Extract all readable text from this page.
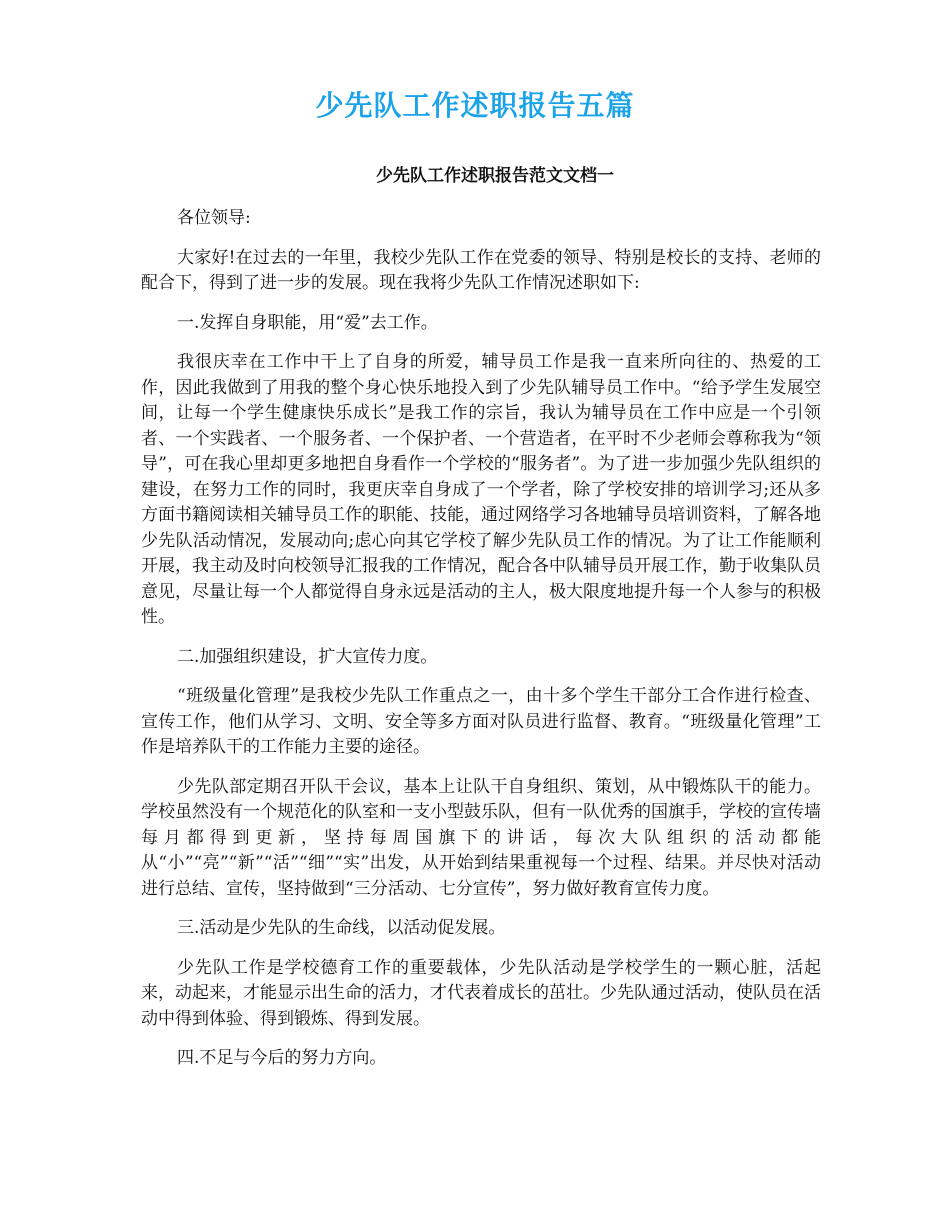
少先队工作述职报告五篇
少先队工作述职报告范文文档一

各位领导:

大家好!在过去的一年里，我校少先队工作在党委的领导、特别是校长的支持、老师的配合下，得到了进一步的发展。现在我将少先队工作情况述职如下:

一.发挥自身职能，用“爱”去工作。

我很庆幸在工作中干上了自身的所爱，辅导员工作是我一直来所向往的、热爱的工作，因此我做到了用我的整个身心快乐地投入到了少先队辅导员工作中。“给予学生发展空间，让每一个学生健康快乐成长”是我工作的宗旨，我认为辅导员在工作中应是一个引领者、一个实践者、一个服务者、一个保护者、一个营造者，在平时不少老师会尊称我为“领导”，可在我心里却更多地把自身看作一个学校的“服务者”。为了进一步加强少先队组织的建设，在努力工作的同时，我更庆幸自身成了一个学者，除了学校安排的培训学习;还从多方面书籍阅读相关辅导员工作的职能、技能，通过网络学习各地辅导员培训资料，了解各地少先队活动情况，发展动向;虑心向其它学校了解少先队员工作的情况。为了让工作能顺利开展，我主动及时向校领导汇报我的工作情况，配合各中队辅导员开展工作，勤于收集队员意见，尽量让每一个人都觉得自身永远是活动的主人，极大限度地提升每一个人参与的积极性。

二.加强组织建设，扩大宣传力度。

“班级量化管理”是我校少先队工作重点之一，由十多个学生干部分工合作进行检查、宣传工作，他们从学习、文明、安全等多方面对队员进行监督、教育。“班级量化管理”工作是培养队干的工作能力主要的途径。

少先队部定期召开队干会议，基本上让队干自身组织、策划，从中锻炼队干的能力。学校虽然没有一个规范化的队室和一支小型鼓乐队，但有一队优秀的国旗手，学校的宣传墙每月都得到更新，坚持每周国旗下的讲话，每次大队组织的活动都能从“小”“亮”“新”“活”“细”“实”出发，从开始到结果重视每一个过程、结果。并尽快对活动进行总结、宣传，坚持做到“三分活动、七分宣传”，努力做好教育宣传力度。

三.活动是少先队的生命线，以活动促发展。

少先队工作是学校德育工作的重要载体，少先队活动是学校学生的一颗心脏，活起来，动起来，才能显示出生命的活力，才代表着成长的茁壮。少先队通过活动，使队员在活动中得到体验、得到锻炼、得到发展。

四.不足与今后的努力方向。
